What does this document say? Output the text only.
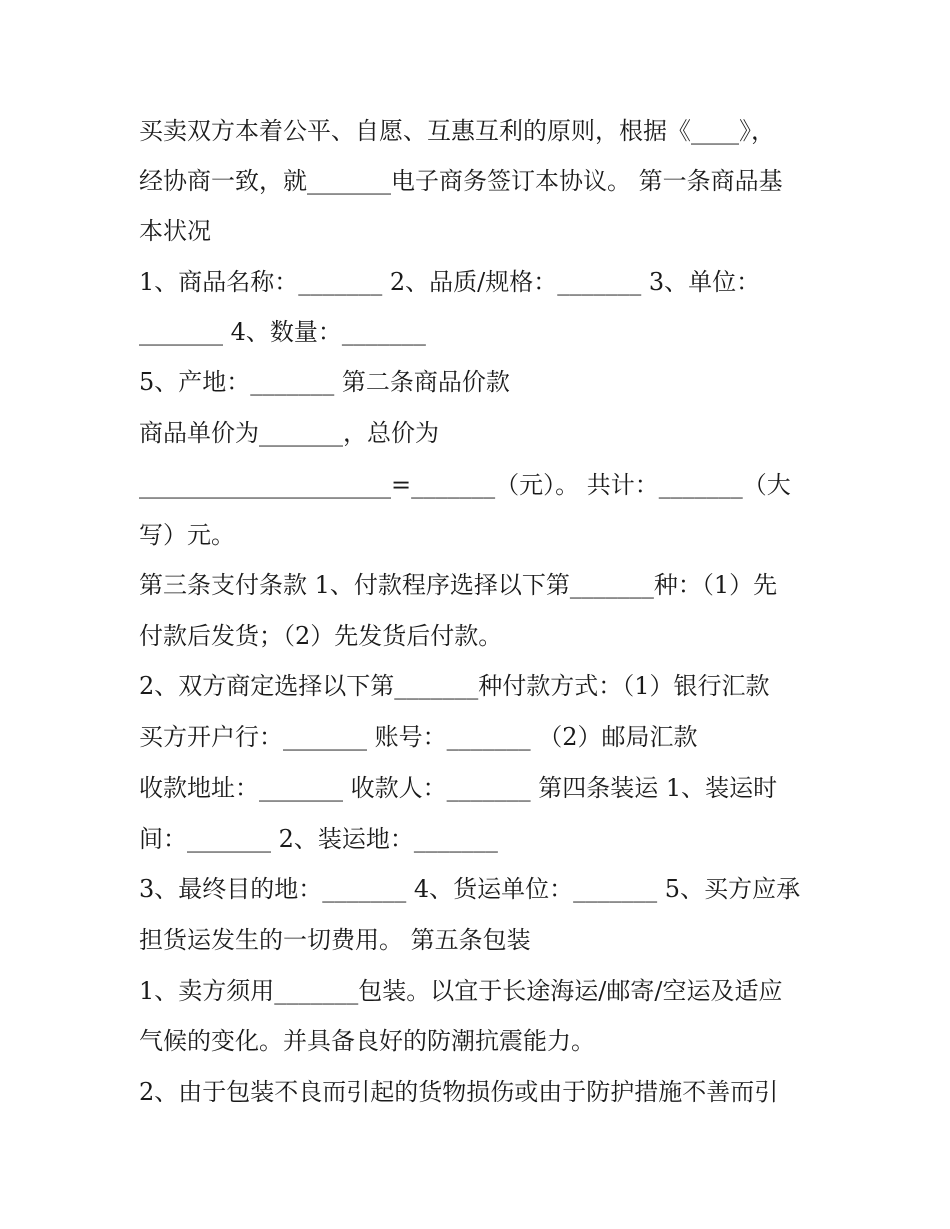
买卖双方本着公平、自愿、互惠互利的原则，根据《____》，
经协商一致，就_______电子商务签订本协议。 第一条商品基
本状况
1、商品名称：_______ 2、品质/规格：_______ 3、单位：
_______ 4、数量：_______
5、产地：_______ 第二条商品价款
商品单价为_______，总价为
_____________________=_______（元）。 共计：_______（大
写）元。
第三条支付条款 1、付款程序选择以下第_______种：（1）先
付款后发货；（2）先发货后付款。
2、双方商定选择以下第_______种付款方式：（1）银行汇款
买方开户行：_______ 账号：_______ （2）邮局汇款
收款地址：_______ 收款人：_______ 第四条装运 1、装运时
间：_______ 2、装运地：_______
3、最终目的地：_______ 4、货运单位：_______ 5、买方应承
担货运发生的一切费用。 第五条包装
1、卖方须用_______包装。以宜于长途海运/邮寄/空运及适应
气候的变化。并具备良好的防潮抗震能力。
2、由于包装不良而引起的货物损伤或由于防护措施不善而引
